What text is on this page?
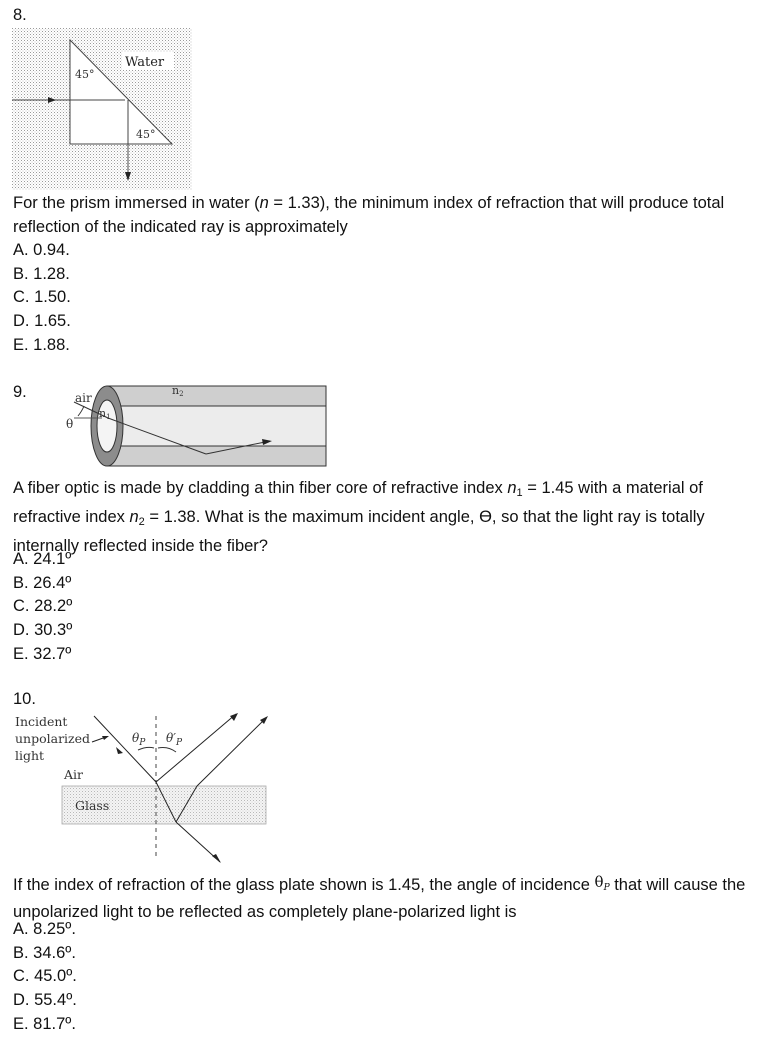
8.
Water
45°
45°
For the prism immersed in water (n = 1.33), the minimum index of refraction that will produce total reflection of the indicated ray is approximately
A. 0.94.
B. 1.28.
C. 1.50.
D. 1.65.
E. 1.88.
9.	air
θ
n1
n2
A fiber optic is made by cladding a thin fiber core of refractive index $n_1 = 1.45$ with a material of refractive index $n_2 = 1.38$. What is the maximum incident angle, ϴ, so that the light ray is totally internally reflected inside the fiber?
A. 24.1º
B. 26.4º
C. 28.2º
D. 30.3º
E. 32.7º
10.
Incident
unpolarized
light
Air
Glass
$\theta_P$ $\theta'_P$
If the index of refraction of the glass plate shown is 1.45, the angle of incidence θP that will cause the unpolarized light to be reflected as completely plane-polarized light is
A. 8.25º.
B. 34.6º.
C. 45.0º.
D. 55.4º.
E. 81.7º.
